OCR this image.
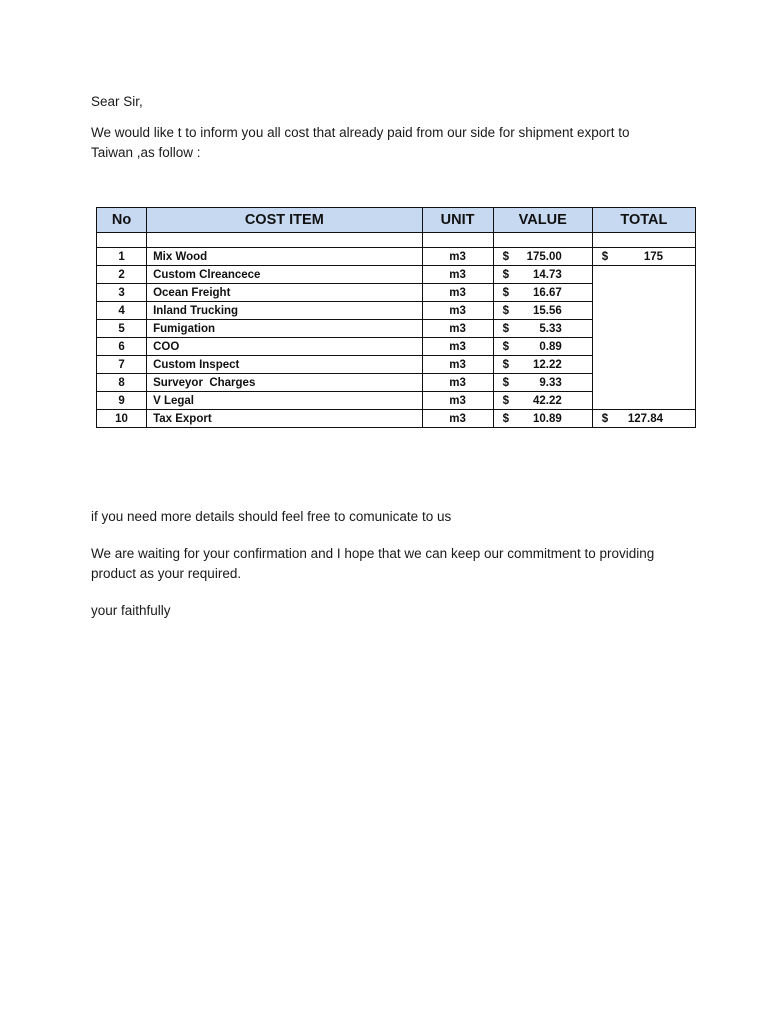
Sear Sir,

We would like t to inform you all cost that already paid from our side for shipment export to Taiwan ,as follow :

No	COST ITEM	UNIT	VALUE	TOTAL

1	Mix Wood	m3	$ 175.00	$ 175

2	Custom Clreancece	m3	$ 14.73	

3	Ocean Freight	m3	$ 16.67	

4	Inland Trucking	m3	$ 15.56	

5	Fumigation	m3	$ 5.33	

6	COO	m3	$ 0.89	

7	Custom Inspect	m3	$ 12.22	

8	Surveyor  Charges	m3	$ 9.33	

9	V Legal	m3	$ 42.22	

10	Tax Export	m3	$ 10.89	$ 127.84

if you need more details should feel free to comunicate to us

We are waiting for your confirmation and I hope that we can keep our commitment to providing product as your required.

your faithfully
